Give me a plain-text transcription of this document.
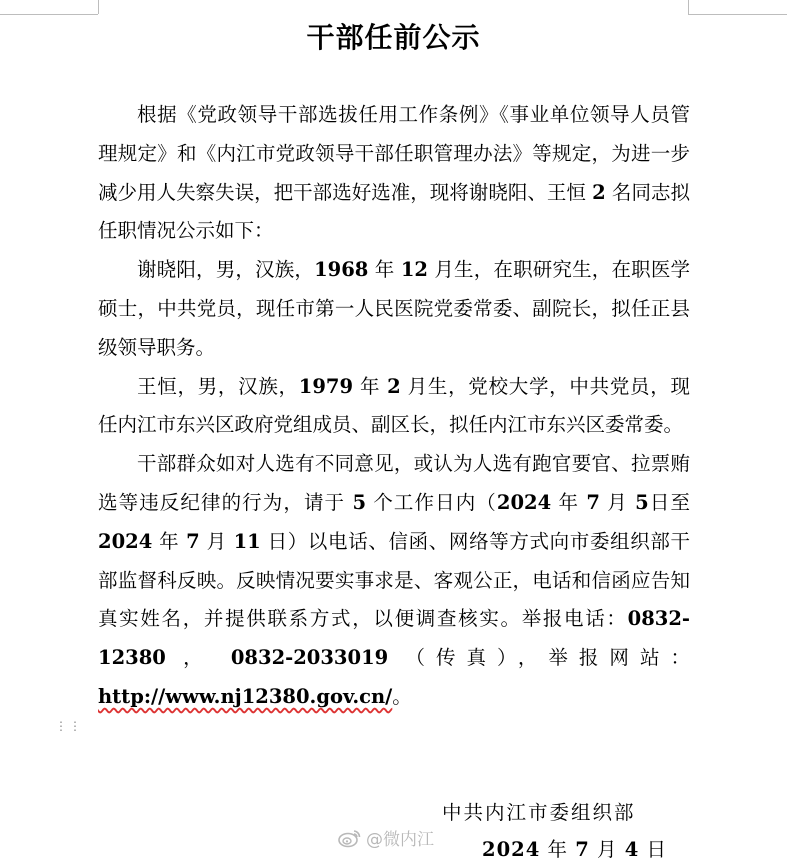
干部任前公示

根据《党政领导干部选拔任用工作条例》《事业单位领导人员管理规定》和《内江市党政领导干部任职管理办法》等规定，为进一步减少用人失察失误，把干部选好选准，现将谢晓阳、王恒 2 名同志拟任职情况公示如下：

谢晓阳，男，汉族，1968 年 12 月生，在职研究生，在职医学硕士，中共党员，现任市第一人民医院党委常委、副院长，拟任正县级领导职务。

王恒，男，汉族，1979 年 2 月生，党校大学，中共党员，现任内江市东兴区政府党组成员、副区长，拟任内江市东兴区委常委。

干部群众如对人选有不同意见，或认为人选有跑官要官、拉票贿选等违反纪律的行为，请于 5 个工作日内（2024 年 7 月 5日至 2024 年 7 月 11 日）以电话、信函、网络等方式向市委组织部干部监督科反映。反映情况要实事求是、客观公正，电话和信函应告知真实姓名，并提供联系方式，以便调查核实。举报电话：0832-12380 ， 0832-2033019 （传真），举报网站：http://www.nj12380.gov.cn/。

⋮⋮
中共内江市委组织部
2024 年 7 月 4 日
@微内江
